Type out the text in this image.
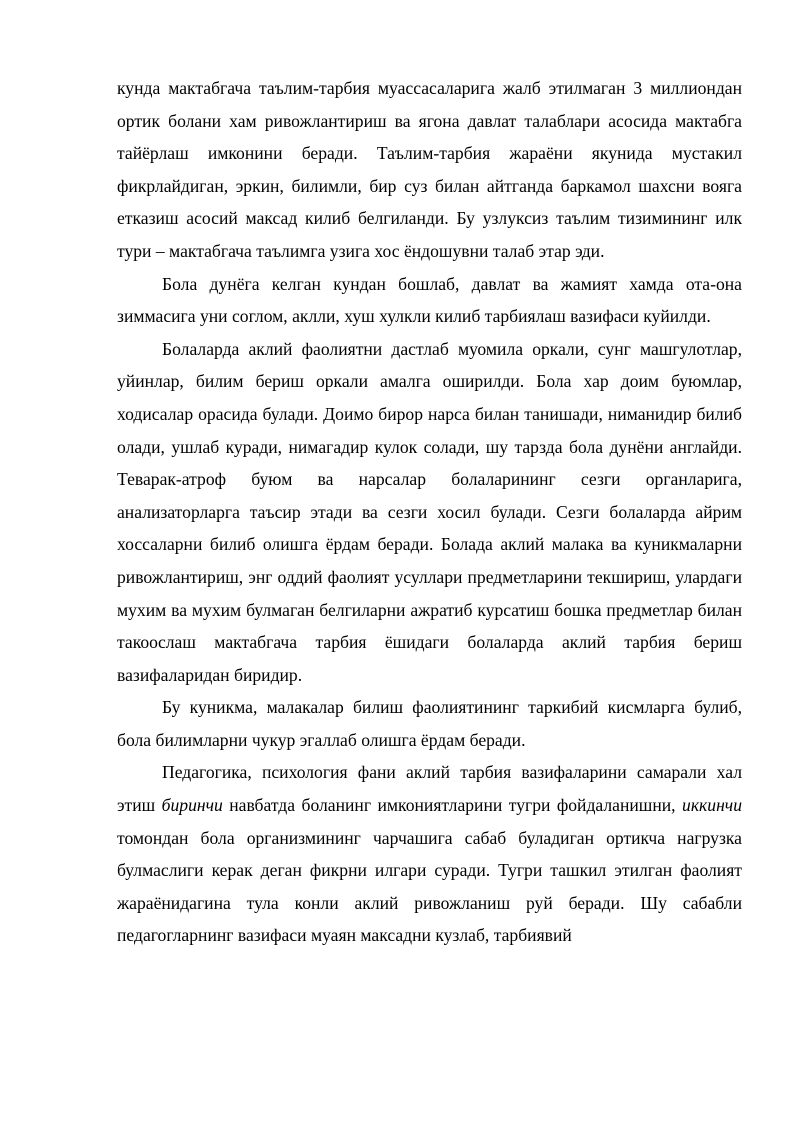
кунда мактабгача таълим-тарбия муассасаларига жалб этилмаган 3 миллиондан ортик болани хам ривожлантириш ва ягона давлат талаблари асосида мактабга тайёрлаш имконини беради. Таълим-тарбия жараёни якунида мустакил фикрлайдиган, эркин, билимли, бир суз билан айтганда баркамол шахсни вояга етказиш асосий максад килиб белгиланди. Бу узлуксиз таълим тизимининг илк тури – мактабгача таълимга узига хос ёндошувни талаб этар эди.

Бола дунёга келган кундан бошлаб, давлат ва жамият хамда ота-она зиммасига уни соглом, аклли, хуш хулкли килиб тарбиялаш вазифаси куйилди.

Болаларда аклий фаолиятни дастлаб муомила оркали, сунг машгулотлар, уйинлар, билим бериш оркали амалга оширилди. Бола хар доим буюмлар, ходисалар орасида булади. Доимо бирор нарса билан танишади, ниманидир билиб олади, ушлаб куради, нимагадир кулок солади, шу тарзда бола дунёни англайди. Теварак-атроф буюм ва нарсалар болаларининг сезги органларига, анализаторларга таъсир этади ва сезги хосил булади. Сезги болаларда айрим хоссаларни билиб олишга ёрдам беради. Болада аклий малака ва куникмаларни ривожлантириш, энг оддий фаолият усуллари предметларини текшириш, улардаги мухим ва мухим булмаган белгиларни ажратиб курсатиш бошка предметлар билан такооcлаш мактабгача тарбия ёшидаги болаларда аклий тарбия бериш вазифаларидан биридир.

Бу куникма, малакалар билиш фаолиятининг таркибий кисмларга булиб, бола билимларни чукур эгаллаб олишга ёрдам беради.

Педагогика, психология фани аклий тарбия вазифаларини самарали хал этиш биринчи навбатда боланинг имкониятларини тугри фойдаланишни, иккинчи томондан бола организмининг чарчашига сабаб буладиган ортикча нагрузка булмаслиги керак деган фикрни илгари суради. Тугри ташкил этилган фаолият жараёнидагина тула конли аклий ривожланиш руй беради. Шу сабабли педагогларнинг вазифаси муаян максадни кузлаб, тарбиявий
